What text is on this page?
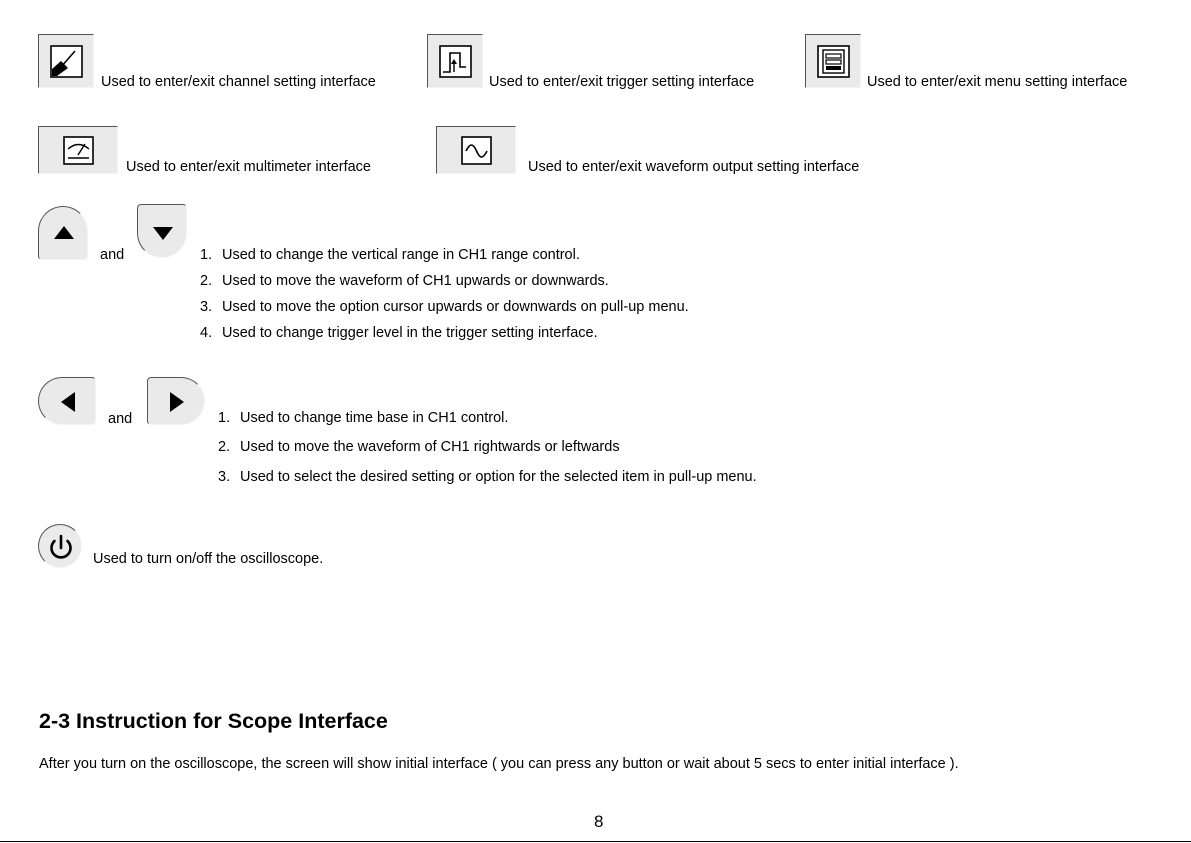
Used to enter/exit channel setting interface	Used to enter/exit trigger setting interface	Used to enter/exit menu setting interface
Used to enter/exit multimeter interface	Used to enter/exit waveform output setting interface
and	1. Used to change the vertical range in CH1 range control.
2. Used to move the waveform of CH1 upwards or downwards.
3. Used to move the option cursor upwards or downwards on pull-up menu.
4. Used to change trigger level in the trigger setting interface.
and	1. Used to change time base in CH1 control.
2. Used to move the waveform of CH1 rightwards or leftwards
3. Used to select the desired setting or option for the selected item in pull-up menu.
Used to turn on/off the oscilloscope.
2-3 Instruction for Scope Interface
After you turn on the oscilloscope, the screen will show initial interface ( you can press any button or wait about 5 secs to enter initial interface ).
8
